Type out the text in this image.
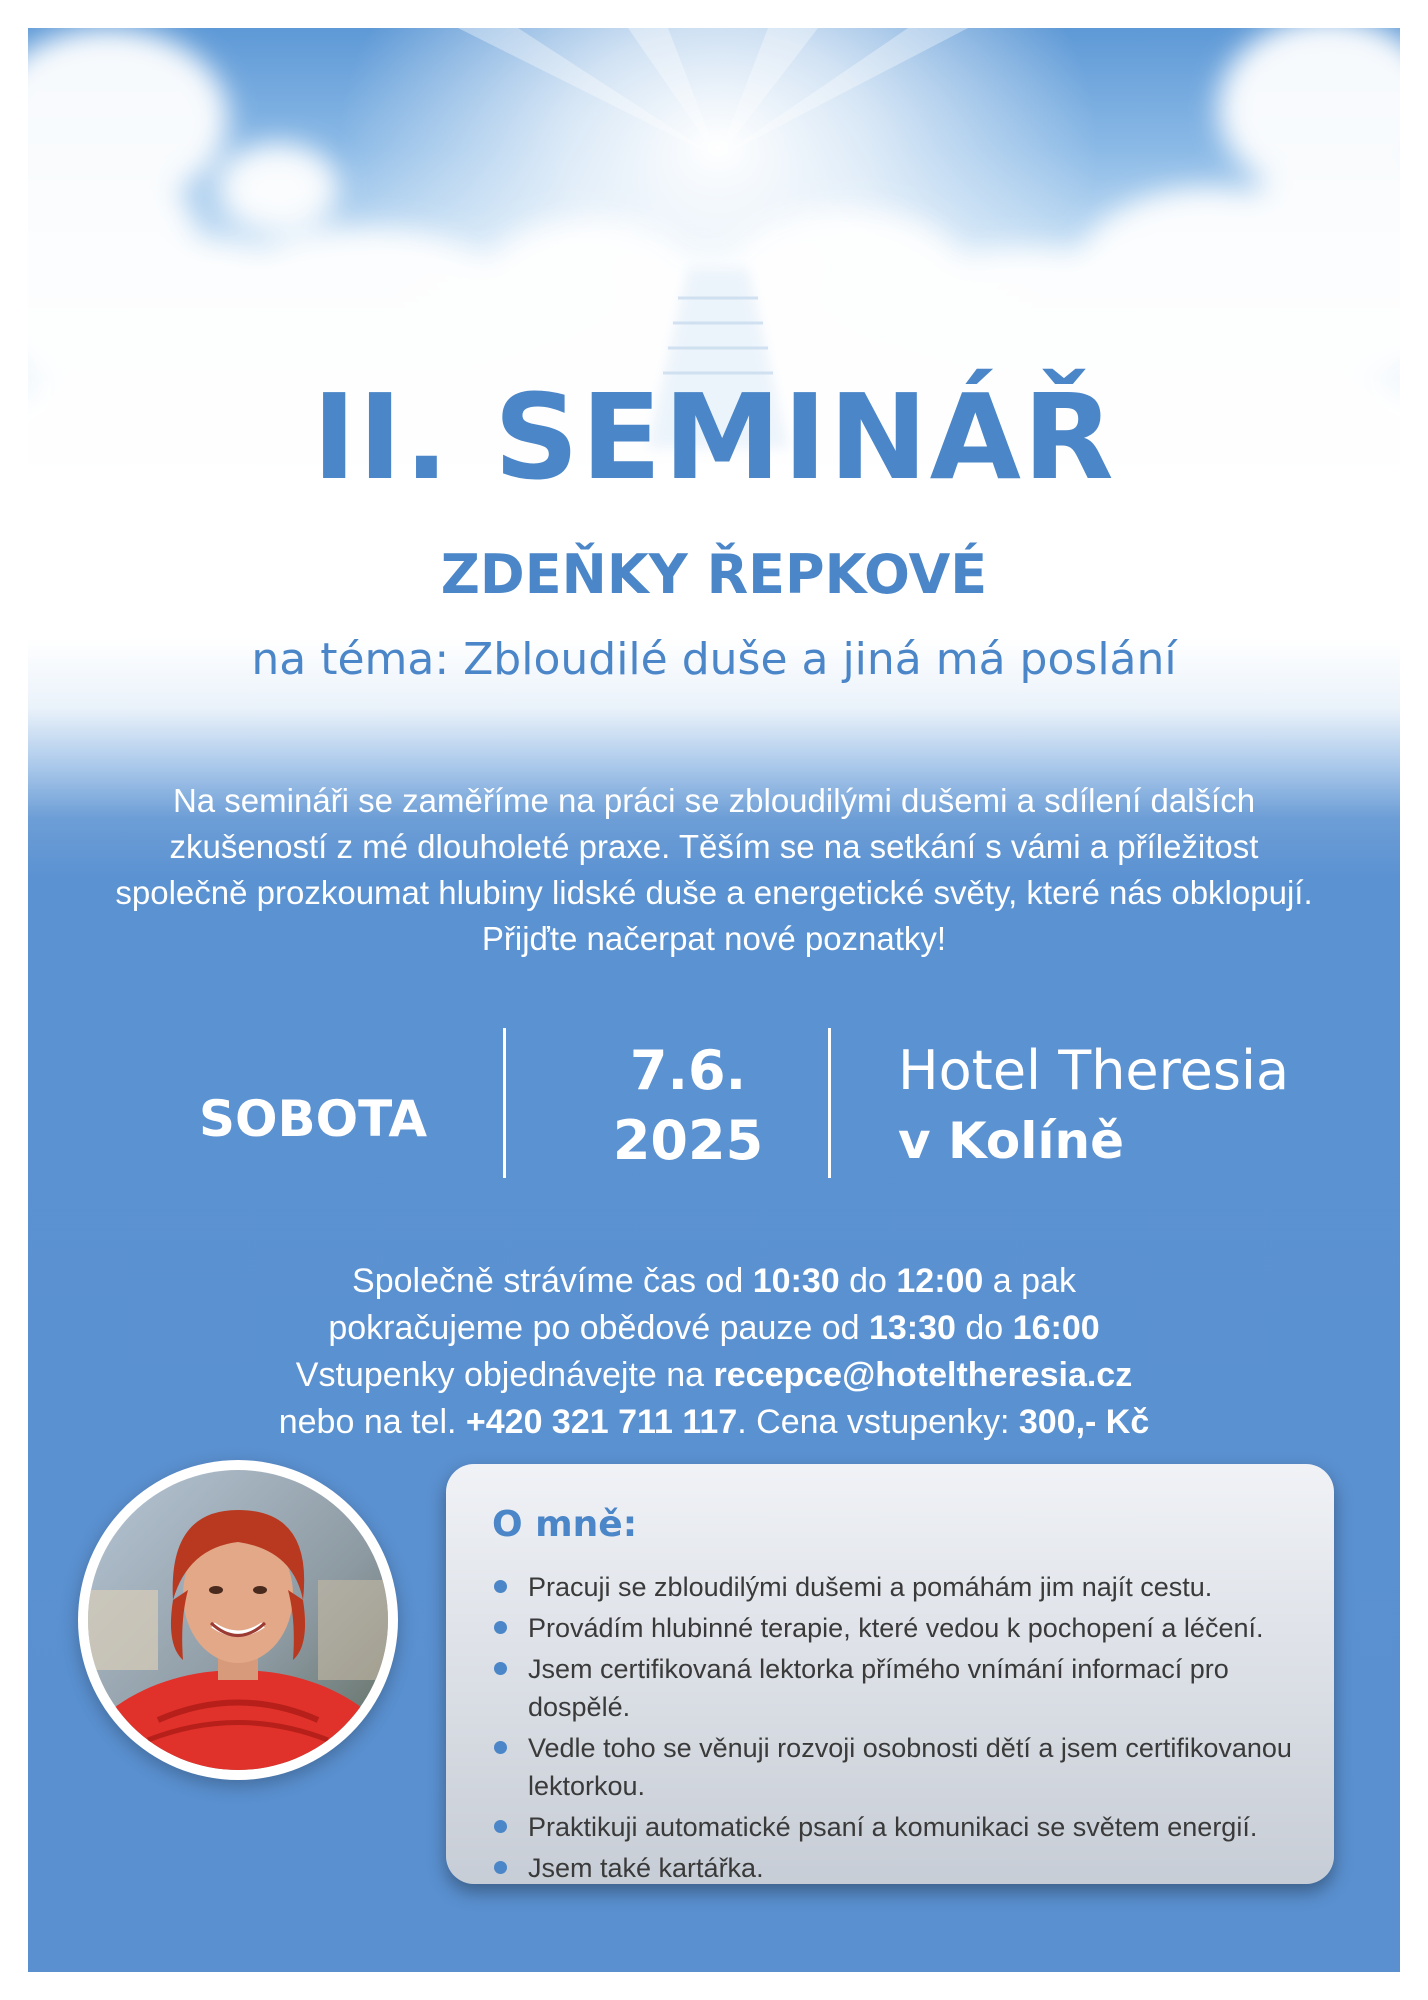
II. SEMINÁŘ
ZDEŇKY ŘEPKOVÉ
na téma: Zbloudilé duše a jiná má poslání
Na semináři se zaměříme na práci se zbloudilými dušemi a sdílení dalších zkušeností z mé dlouholeté praxe. Těším se na setkání s vámi a příležitost společně prozkoumat hlubiny lidské duše a energetické světy, které nás obklopují. Přijďte načerpat nové poznatky!
SOBOTA
7.6.
2025
Hotel Theresia
v Kolíně
Společně strávíme čas od 10:30 do 12:00 a pak
pokračujeme po obědové pauze od 13:30 do 16:00
Vstupenky objednávejte na recepce@hoteltheresia.cz
nebo na tel. +420 321 711 117. Cena vstupenky: 300,- Kč
O mně:
Pracuji se zbloudilými dušemi a pomáhám jim najít cestu.
Provádím hlubinné terapie, které vedou k pochopení a léčení.
Jsem certifikovaná lektorka přímého vnímání informací pro dospělé.
Vedle toho se věnuji rozvoji osobnosti dětí a jsem certifikovanou lektorkou.
Praktikuji automatické psaní a komunikaci se světem energií.
Jsem také kartářka.
